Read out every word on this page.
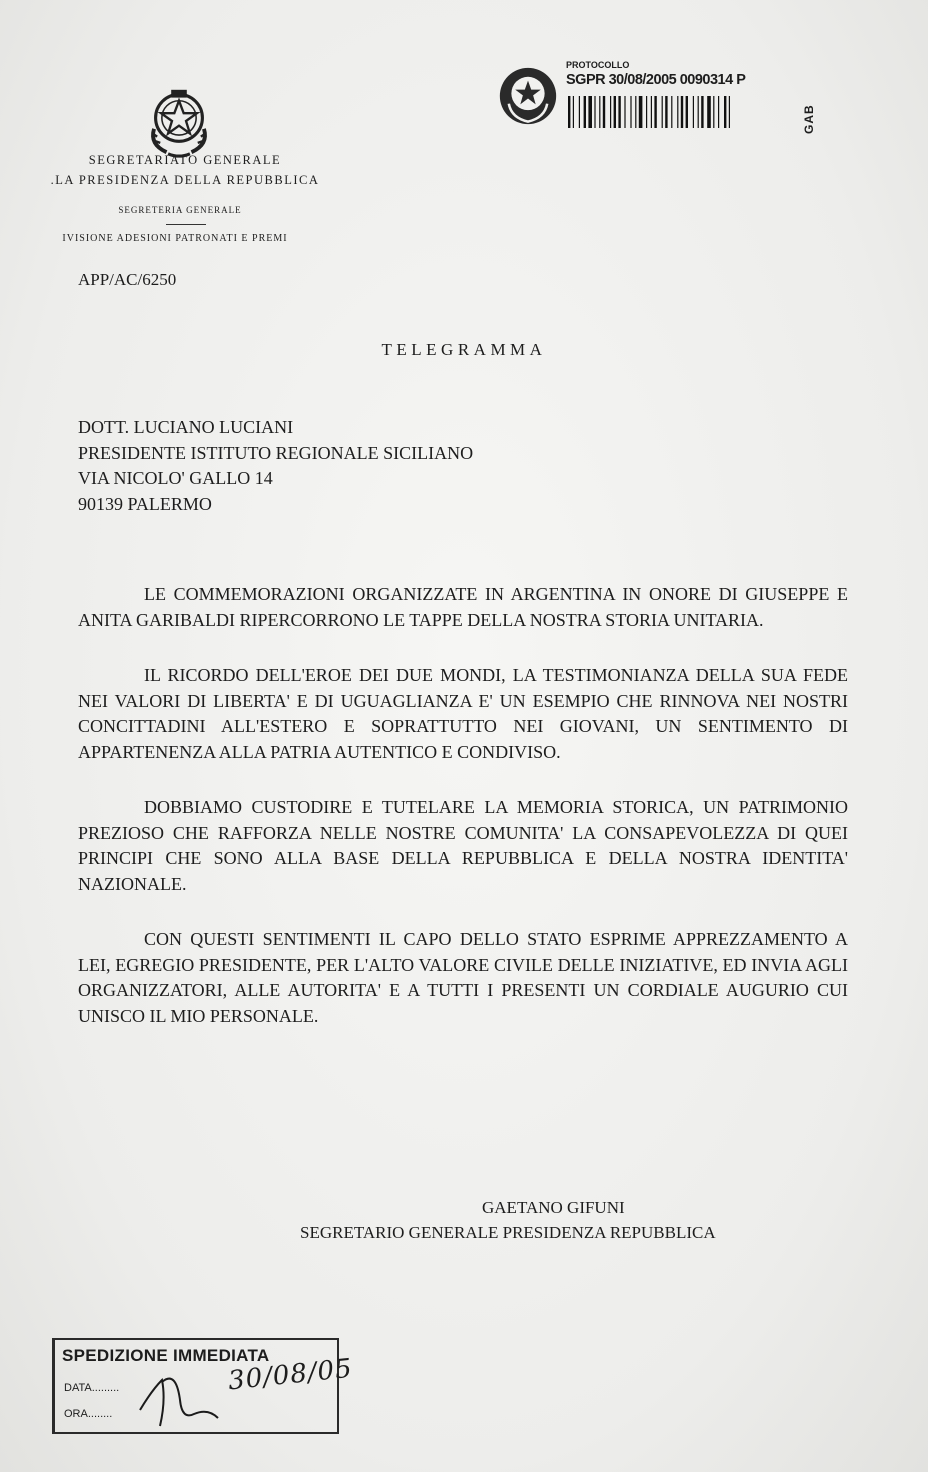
SEGRETARIATO GENERALE
.LA PRESIDENZA DELLA REPUBBLICA
SEGRETERIA GENERALE
IVISIONE ADESIONI PATRONATI E PREMI
APP/AC/6250
PROTOCOLLO
SGPR 30/08/2005 0090314 P
GAB
TELEGRAMMA
DOTT. LUCIANO LUCIANI
PRESIDENTE ISTITUTO REGIONALE SICILIANO
VIA NICOLO' GALLO 14
90139 PALERMO

LE COMMEMORAZIONI ORGANIZZATE IN ARGENTINA IN ONORE DI GIUSEPPE E ANITA GARIBALDI RIPERCORRONO LE TAPPE DELLA NOSTRA STORIA UNITARIA.

IL RICORDO DELL'EROE DEI DUE MONDI, LA TESTIMONIANZA DELLA SUA FEDE NEI VALORI DI LIBERTA' E DI UGUAGLIANZA E' UN ESEMPIO CHE RINNOVA NEI NOSTRI CONCITTADINI ALL'ESTERO E SOPRATTUTTO NEI GIOVANI, UN SENTIMENTO DI APPARTENENZA ALLA PATRIA AUTENTICO E CONDIVISO.

DOBBIAMO CUSTODIRE E TUTELARE LA MEMORIA STORICA, UN PATRIMONIO PREZIOSO CHE RAFFORZA NELLE NOSTRE COMUNITA' LA CONSAPEVOLEZZA DI QUEI PRINCIPI CHE SONO ALLA BASE DELLA REPUBBLICA E DELLA NOSTRA IDENTITA' NAZIONALE.

CON QUESTI SENTIMENTI IL CAPO DELLO STATO ESPRIME APPREZZAMENTO A LEI, EGREGIO PRESIDENTE, PER L'ALTO VALORE CIVILE DELLE INIZIATIVE, ED INVIA AGLI ORGANIZZATORI, ALLE AUTORITA' E A TUTTI I PRESENTI UN CORDIALE AUGURIO CUI UNISCO IL MIO PERSONALE.

GAETANO GIFUNI
SEGRETARIO GENERALE PRESIDENZA REPUBBLICA
SPEDIZIONE IMMEDIATA
DATA.........
ORA........
30/08/05
